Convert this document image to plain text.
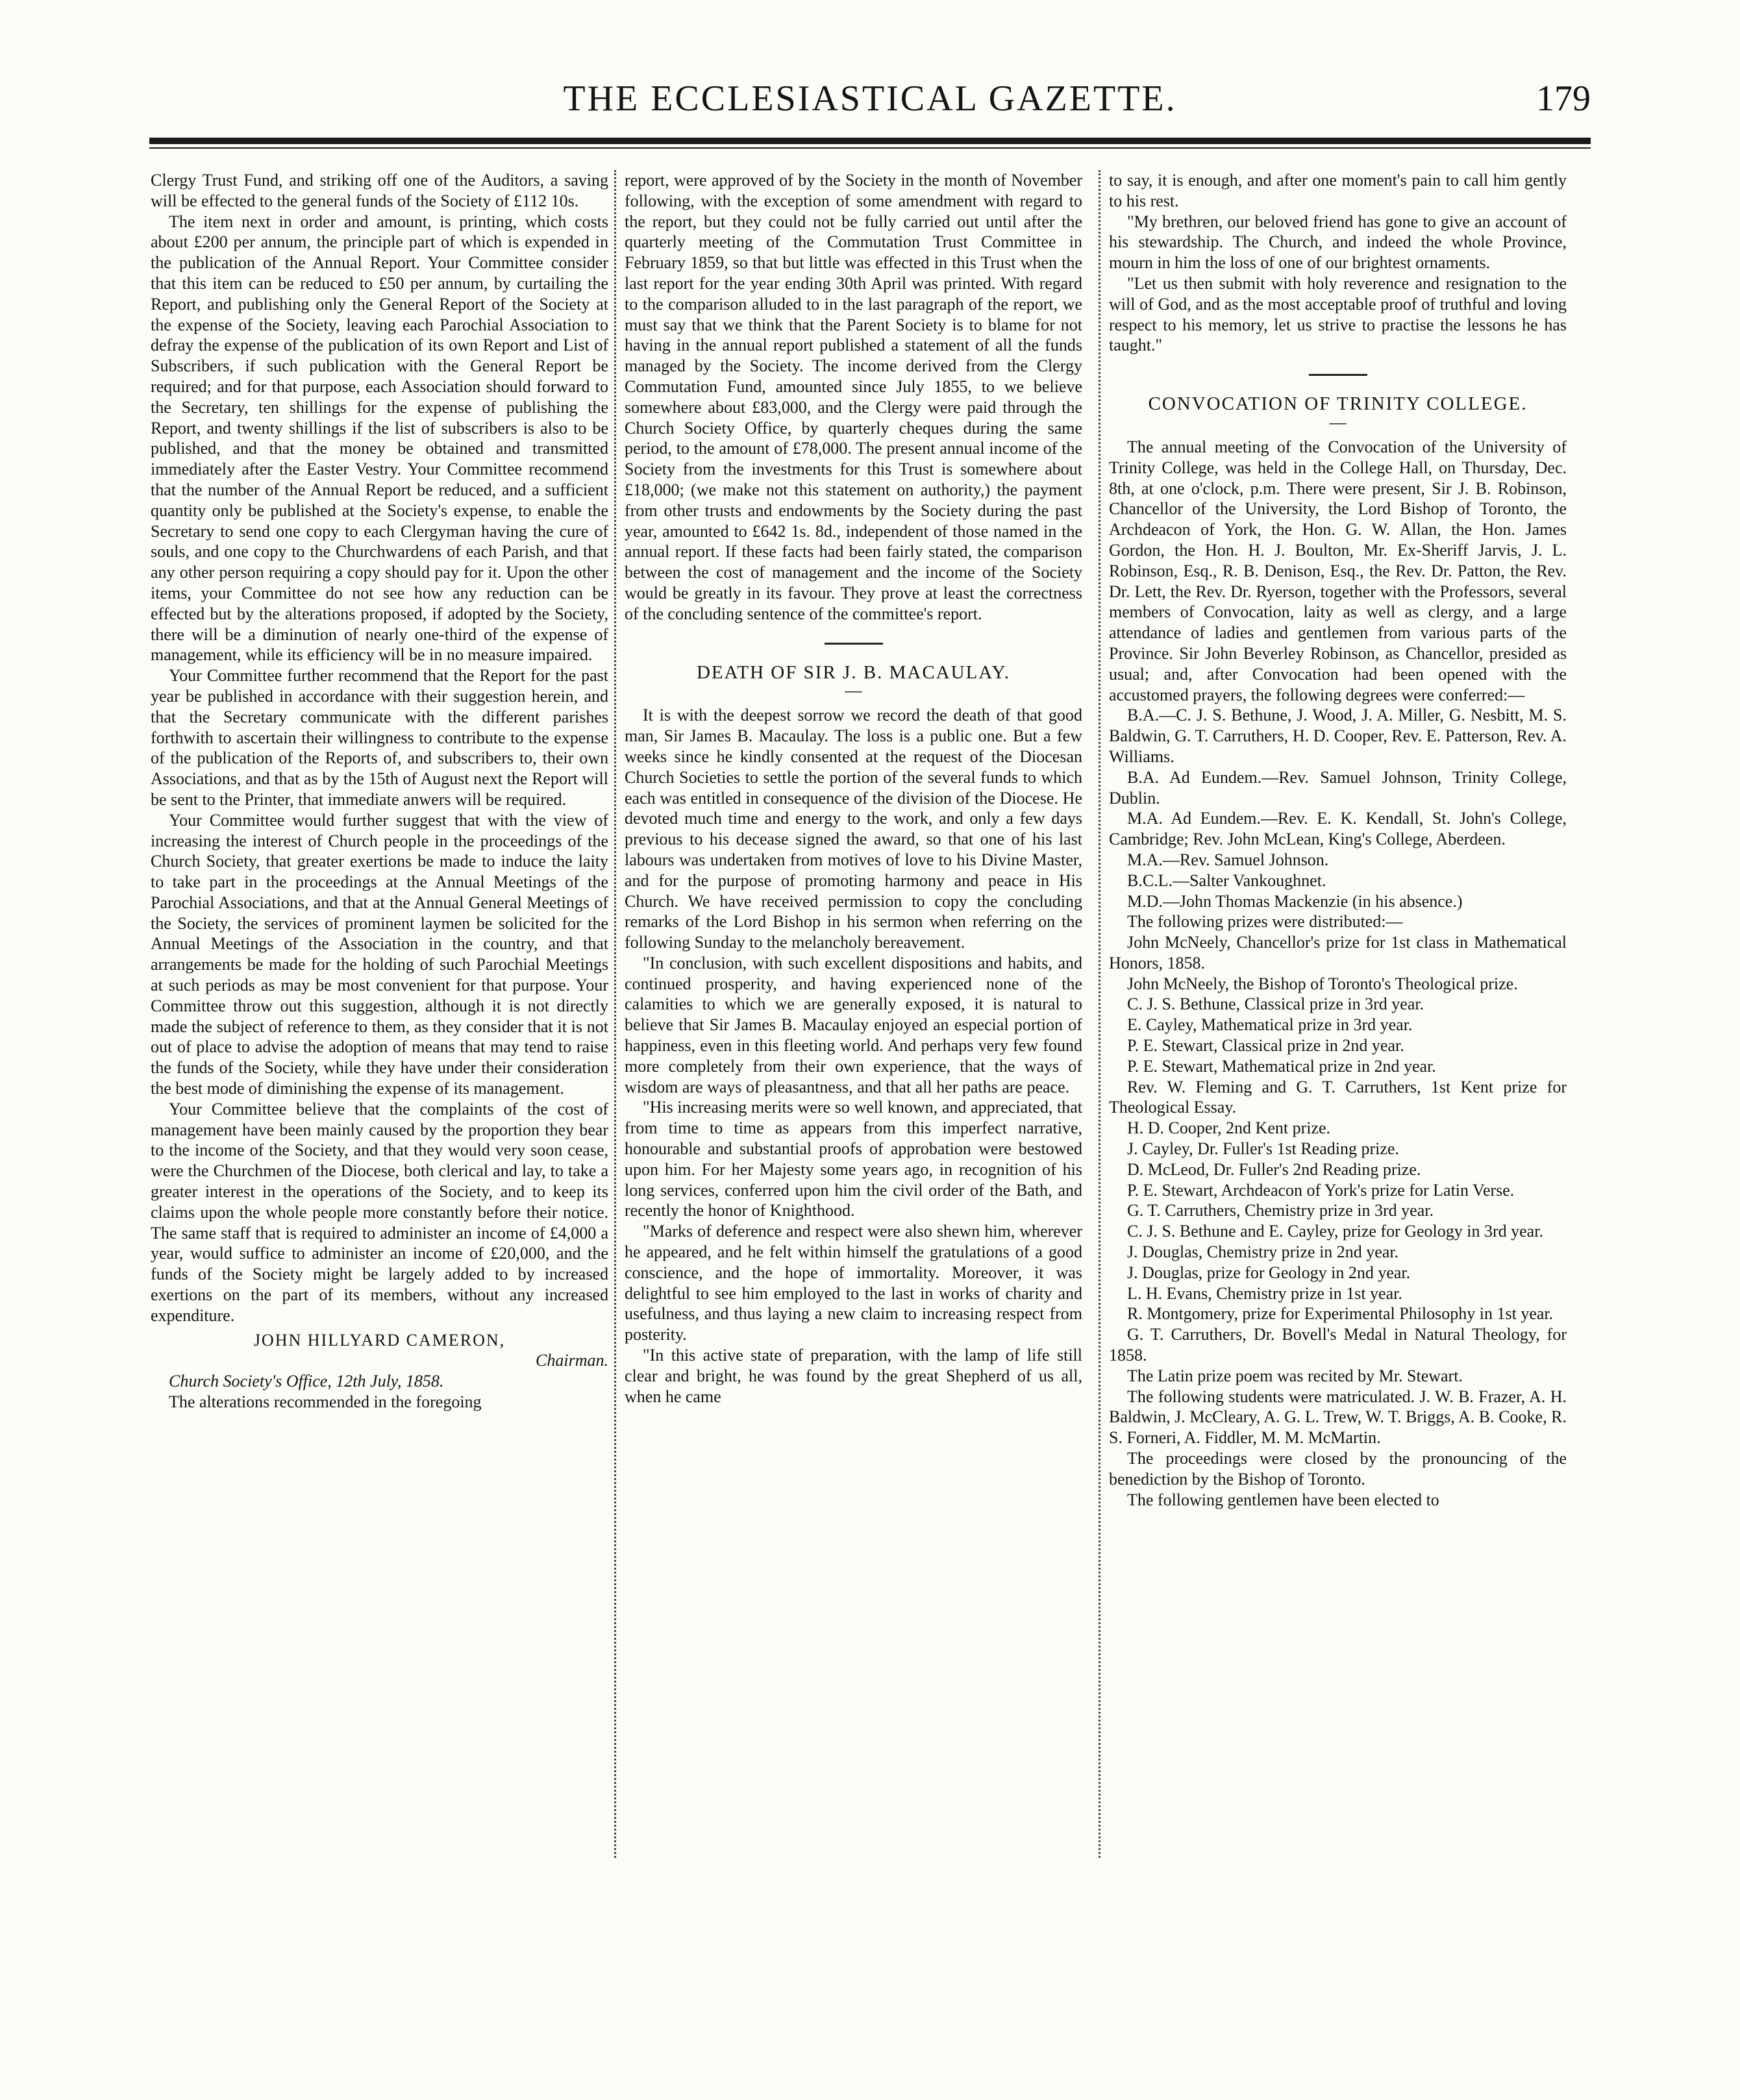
THE ECCLESIASTICAL GAZETTE.	179

Clergy Trust Fund, and striking off one of the Auditors, a saving will be effected to the general funds of the Society of £112 10s.

The item next in order and amount, is printing, which costs about £200 per annum, the principle part of which is expended in the publication of the Annual Report. Your Committee consider that this item can be reduced to £50 per annum, by curtailing the Report, and publishing only the General Report of the Society at the expense of the Society, leaving each Parochial Association to defray the expense of the publication of its own Report and List of Subscribers, if such publication with the General Report be required; and for that purpose, each Association should forward to the Secretary, ten shillings for the expense of publishing the Report, and twenty shillings if the list of subscribers is also to be published, and that the money be obtained and transmitted immediately after the Easter Vestry. Your Committee recommend that the number of the Annual Report be reduced, and a sufficient quantity only be published at the Society's expense, to enable the Secretary to send one copy to each Clergyman having the cure of souls, and one copy to the Churchwardens of each Parish, and that any other person requiring a copy should pay for it. Upon the other items, your Committee do not see how any reduction can be effected but by the alterations proposed, if adopted by the Society, there will be a diminution of nearly one-third of the expense of management, while its efficiency will be in no measure impaired.

Your Committee further recommend that the Report for the past year be published in accordance with their suggestion herein, and that the Secretary communicate with the different parishes forthwith to ascertain their willingness to contribute to the expense of the publication of the Reports of, and subscribers to, their own Associations, and that as by the 15th of August next the Report will be sent to the Printer, that immediate anwers will be required.

Your Committee would further suggest that with the view of increasing the interest of Church people in the proceedings of the Church Society, that greater exertions be made to induce the laity to take part in the proceedings at the Annual Meetings of the Parochial Associations, and that at the Annual General Meetings of the Society, the services of prominent laymen be solicited for the Annual Meetings of the Association in the country, and that arrangements be made for the holding of such Parochial Meetings at such periods as may be most convenient for that purpose. Your Committee throw out this suggestion, although it is not directly made the subject of reference to them, as they consider that it is not out of place to advise the adoption of means that may tend to raise the funds of the Society, while they have under their consideration the best mode of diminishing the expense of its management.

Your Committee believe that the complaints of the cost of management have been mainly caused by the proportion they bear to the income of the Society, and that they would very soon cease, were the Churchmen of the Diocese, both clerical and lay, to take a greater interest in the operations of the Society, and to keep its claims upon the whole people more constantly before their notice. The same staff that is required to administer an income of £4,000 a year, would suffice to administer an income of £20,000, and the funds of the Society might be largely added to by increased exertions on the part of its members, without any increased expenditure.

JOHN HILLYARD CAMERON,
Chairman.

Church Society's Office, 12th July, 1858.

The alterations recommended in the foregoing

report, were approved of by the Society in the month of November following, with the exception of some amendment with regard to the report, but they could not be fully carried out until after the quarterly meeting of the Commutation Trust Committee in February 1859, so that but little was effected in this Trust when the last report for the year ending 30th April was printed. With regard to the comparison alluded to in the last paragraph of the report, we must say that we think that the Parent Society is to blame for not having in the annual report published a statement of all the funds managed by the Society. The income derived from the Clergy Commutation Fund, amounted since July 1855, to we believe somewhere about £83,000, and the Clergy were paid through the Church Society Office, by quarterly cheques during the same period, to the amount of £78,000. The present annual income of the Society from the investments for this Trust is somewhere about £18,000; (we make not this statement on authority,) the payment from other trusts and endowments by the Society during the past year, amounted to £642 1s. 8d., independent of those named in the annual report. If these facts had been fairly stated, the comparison between the cost of management and the income of the Society would be greatly in its favour. They prove at least the correctness of the concluding sentence of the committee's report.

DEATH OF SIR J. B. MACAULAY.
—

It is with the deepest sorrow we record the death of that good man, Sir James B. Macaulay. The loss is a public one. But a few weeks since he kindly consented at the request of the Diocesan Church Societies to settle the portion of the several funds to which each was entitled in consequence of the division of the Diocese. He devoted much time and energy to the work, and only a few days previous to his decease signed the award, so that one of his last labours was undertaken from motives of love to his Divine Master, and for the purpose of promoting harmony and peace in His Church. We have received permission to copy the concluding remarks of the Lord Bishop in his sermon when referring on the following Sunday to the melancholy bereavement.

"In conclusion, with such excellent dispositions and habits, and continued prosperity, and having experienced none of the calamities to which we are generally exposed, it is natural to believe that Sir James B. Macaulay enjoyed an especial portion of happiness, even in this fleeting world. And perhaps very few found more completely from their own experience, that the ways of wisdom are ways of pleasantness, and that all her paths are peace.

"His increasing merits were so well known, and appreciated, that from time to time as appears from this imperfect narrative, honourable and substantial proofs of approbation were bestowed upon him. For her Majesty some years ago, in recognition of his long services, conferred upon him the civil order of the Bath, and recently the honor of Knighthood.

"Marks of deference and respect were also shewn him, wherever he appeared, and he felt within himself the gratulations of a good conscience, and the hope of immortality. Moreover, it was delightful to see him employed to the last in works of charity and usefulness, and thus laying a new claim to increasing respect from posterity.

"In this active state of preparation, with the lamp of life still clear and bright, he was found by the great Shepherd of us all, when he came

to say, it is enough, and after one moment's pain to call him gently to his rest.

"My brethren, our beloved friend has gone to give an account of his stewardship. The Church, and indeed the whole Province, mourn in him the loss of one of our brightest ornaments.

"Let us then submit with holy reverence and resignation to the will of God, and as the most acceptable proof of truthful and loving respect to his memory, let us strive to practise the lessons he has taught."

CONVOCATION OF TRINITY COLLEGE.
—

The annual meeting of the Convocation of the University of Trinity College, was held in the College Hall, on Thursday, Dec. 8th, at one o'clock, p.m. There were present, Sir J. B. Robinson, Chancellor of the University, the Lord Bishop of Toronto, the Archdeacon of York, the Hon. G. W. Allan, the Hon. James Gordon, the Hon. H. J. Boulton, Mr. Ex-Sheriff Jarvis, J. L. Robinson, Esq., R. B. Denison, Esq., the Rev. Dr. Patton, the Rev. Dr. Lett, the Rev. Dr. Ryerson, together with the Professors, several members of Convocation, laity as well as clergy, and a large attendance of ladies and gentlemen from various parts of the Province. Sir John Beverley Robinson, as Chancellor, presided as usual; and, after Convocation had been opened with the accustomed prayers, the following degrees were conferred:—

B.A.—C. J. S. Bethune, J. Wood, J. A. Miller, G. Nesbitt, M. S. Baldwin, G. T. Carruthers, H. D. Cooper, Rev. E. Patterson, Rev. A. Williams.

B.A. Ad Eundem.—Rev. Samuel Johnson, Trinity College, Dublin.

M.A. Ad Eundem.—Rev. E. K. Kendall, St. John's College, Cambridge; Rev. John McLean, King's College, Aberdeen.

M.A.—Rev. Samuel Johnson.

B.C.L.—Salter Vankoughnet.

M.D.—John Thomas Mackenzie (in his absence.)

The following prizes were distributed:—

John McNeely, Chancellor's prize for 1st class in Mathematical Honors, 1858.

John McNeely, the Bishop of Toronto's Theological prize.

C. J. S. Bethune, Classical prize in 3rd year.

E. Cayley, Mathematical prize in 3rd year.

P. E. Stewart, Classical prize in 2nd year.

P. E. Stewart, Mathematical prize in 2nd year.

Rev. W. Fleming and G. T. Carruthers, 1st Kent prize for Theological Essay.

H. D. Cooper, 2nd Kent prize.

J. Cayley, Dr. Fuller's 1st Reading prize.

D. McLeod, Dr. Fuller's 2nd Reading prize.

P. E. Stewart, Archdeacon of York's prize for Latin Verse.

G. T. Carruthers, Chemistry prize in 3rd year.

C. J. S. Bethune and E. Cayley, prize for Geology in 3rd year.

J. Douglas, Chemistry prize in 2nd year.

J. Douglas, prize for Geology in 2nd year.

L. H. Evans, Chemistry prize in 1st year.

R. Montgomery, prize for Experimental Philosophy in 1st year.

G. T. Carruthers, Dr. Bovell's Medal in Natural Theology, for 1858.

The Latin prize poem was recited by Mr. Stewart.

The following students were matriculated. J. W. B. Frazer, A. H. Baldwin, J. McCleary, A. G. L. Trew, W. T. Briggs, A. B. Cooke, R. S. Forneri, A. Fiddler, M. M. McMartin.

The proceedings were closed by the pronouncing of the benediction by the Bishop of Toronto.

The following gentlemen have been elected to
